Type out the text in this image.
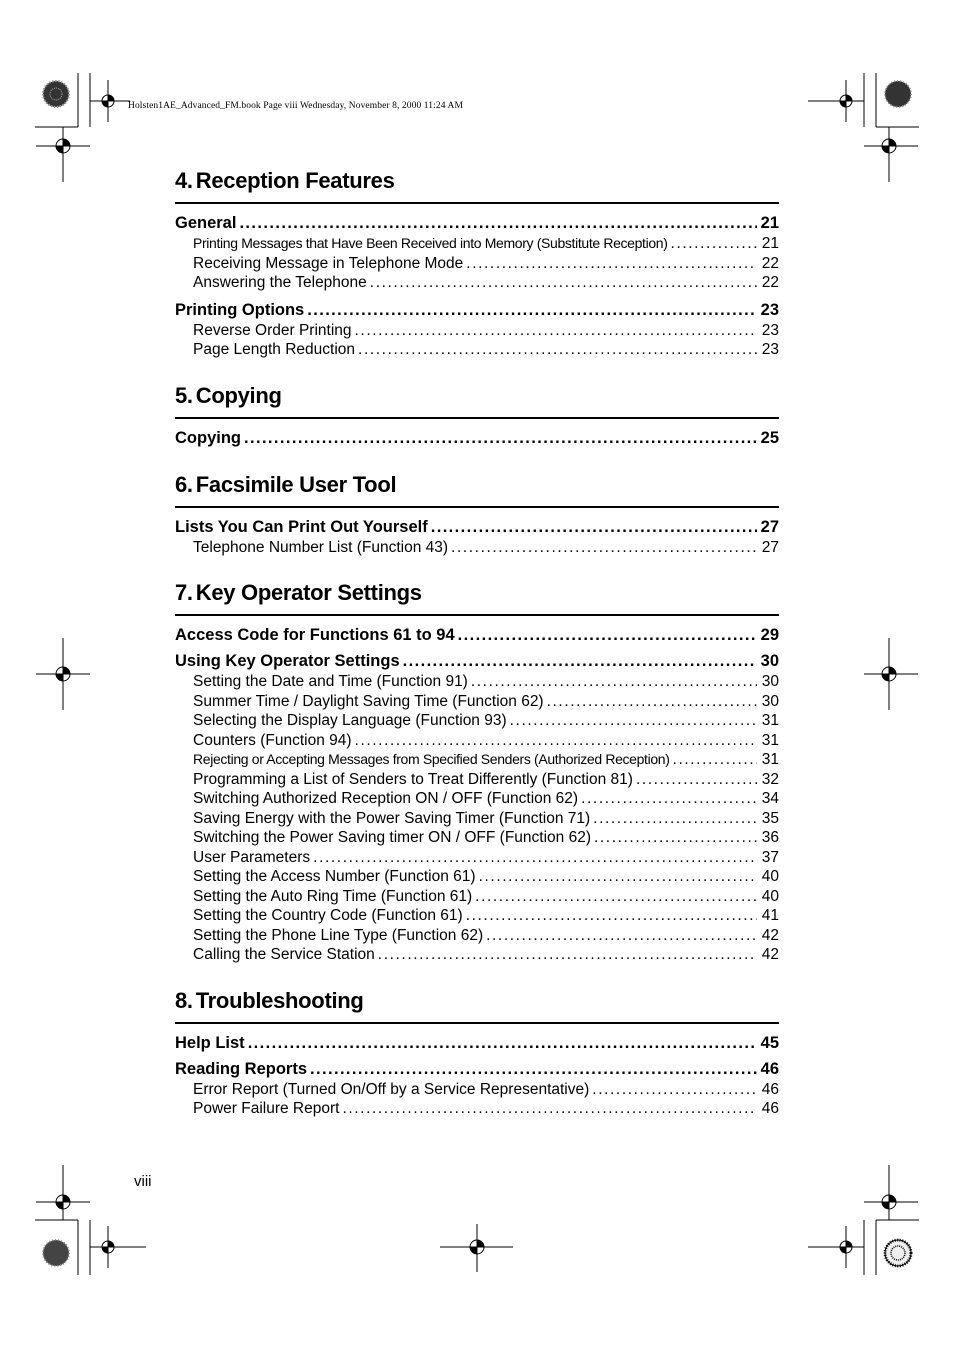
Holsten1AE_Advanced_FM.book Page viii Wednesday, November 8, 2000 11:24 AM
4. Reception Features
General .....	21
Printing Messages that Have Been Received into Memory (Substitute Reception) .....	21
Receiving Message in Telephone Mode .....	22
Answering the Telephone .....	22
Printing Options .....	23
Reverse Order Printing .....	23
Page Length Reduction .....	23
5. Copying
Copying .....	25
6. Facsimile User Tool
Lists You Can Print Out Yourself .....	27
Telephone Number List (Function 43) .....	27
7. Key Operator Settings
Access Code for Functions 61 to 94 .....	29
Using Key Operator Settings .....	30
Setting the Date and Time (Function 91) .....	30
Summer Time / Daylight Saving Time (Function 62) .....	30
Selecting the Display Language (Function 93) .....	31
Counters (Function 94) .....	31
Rejecting or Accepting Messages from Specified Senders (Authorized Reception) .....	31
Programming a List of Senders to Treat Differently (Function 81) .....	32
Switching Authorized Reception ON / OFF (Function 62) .....	34
Saving Energy with the Power Saving Timer (Function 71) .....	35
Switching the Power Saving timer ON / OFF (Function 62) .....	36
User Parameters .....	37
Setting the Access Number (Function 61) .....	40
Setting the Auto Ring Time (Function 61) .....	40
Setting the Country Code (Function 61) .....	41
Setting the Phone Line Type (Function 62) .....	42
Calling the Service Station .....	42
8. Troubleshooting
Help List .....	45
Reading Reports .....	46
Error Report (Turned On/Off by a Service Representative) .....	46
Power Failure Report .....	46
viii
